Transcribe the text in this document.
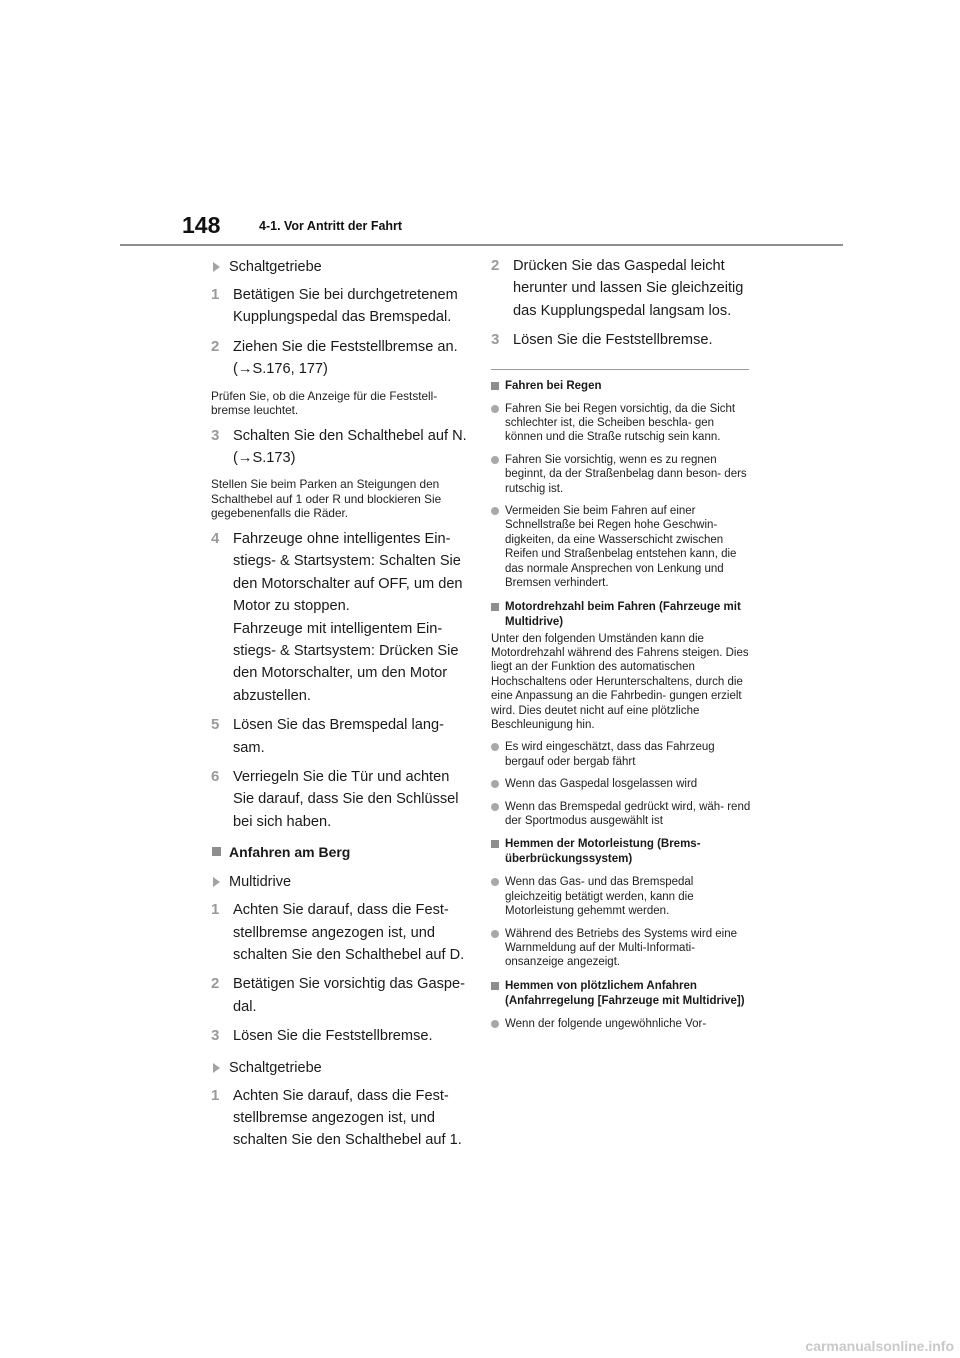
148	4-1. Vor Antritt der Fahrt
Schaltgetriebe
1 Betätigen Sie bei durchgetretenem Kupplungspedal das Bremspedal.
2 Ziehen Sie die Feststellbremse an.
(→S.176, 177)
Prüfen Sie, ob die Anzeige für die Feststell- bremse leuchtet.
3 Schalten Sie den Schalthebel auf N.
(→S.173)
Stellen Sie beim Parken an Steigungen den Schalthebel auf 1 oder R und blockieren Sie gegebenenfalls die Räder.
4 Fahrzeuge ohne intelligentes Ein- stiegs- & Startsystem: Schalten Sie den Motorschalter auf OFF, um den Motor zu stoppen.
Fahrzeuge mit intelligentem Ein- stiegs- & Startsystem: Drücken Sie den Motorschalter, um den Motor abzustellen.
5 Lösen Sie das Bremspedal lang- sam.
6 Verriegeln Sie die Tür und achten Sie darauf, dass Sie den Schlüssel bei sich haben.
Anfahren am Berg
Multidrive
1 Achten Sie darauf, dass die Fest- stellbremse angezogen ist, und schalten Sie den Schalthebel auf D.
2 Betätigen Sie vorsichtig das Gaspe- dal.
3 Lösen Sie die Feststellbremse.
Schaltgetriebe
1 Achten Sie darauf, dass die Fest- stellbremse angezogen ist, und schalten Sie den Schalthebel auf 1.
2 Drücken Sie das Gaspedal leicht herunter und lassen Sie gleichzeitig das Kupplungspedal langsam los.
3 Lösen Sie die Feststellbremse.
Fahren bei Regen
Fahren Sie bei Regen vorsichtig, da die Sicht schlechter ist, die Scheiben beschla- gen können und die Straße rutschig sein kann.
Fahren Sie vorsichtig, wenn es zu regnen beginnt, da der Straßenbelag dann beson- ders rutschig ist.
Vermeiden Sie beim Fahren auf einer Schnellstraße bei Regen hohe Geschwin- digkeiten, da eine Wasserschicht zwischen Reifen und Straßenbelag entstehen kann, die das normale Ansprechen von Lenkung und Bremsen verhindert.
Motordrehzahl beim Fahren (Fahrzeuge mit Multidrive)
Unter den folgenden Umständen kann die Motordrehzahl während des Fahrens steigen. Dies liegt an der Funktion des automatischen Hochschaltens oder Herunterschaltens, durch die eine Anpassung an die Fahrbedin- gungen erzielt wird. Dies deutet nicht auf eine plötzliche Beschleunigung hin.
Es wird eingeschätzt, dass das Fahrzeug bergauf oder bergab fährt
Wenn das Gaspedal losgelassen wird
Wenn das Bremspedal gedrückt wird, wäh- rend der Sportmodus ausgewählt ist
Hemmen der Motorleistung (Brems- überbrückungssystem)
Wenn das Gas- und das Bremspedal gleichzeitig betätigt werden, kann die Motorleistung gehemmt werden.
Während des Betriebs des Systems wird eine Warnmeldung auf der Multi-Informati- onsanzeige angezeigt.
Hemmen von plötzlichem Anfahren (Anfahrregelung [Fahrzeuge mit Multidrive])
Wenn der folgende ungewöhnliche Vor-
carmanualsonline.info
